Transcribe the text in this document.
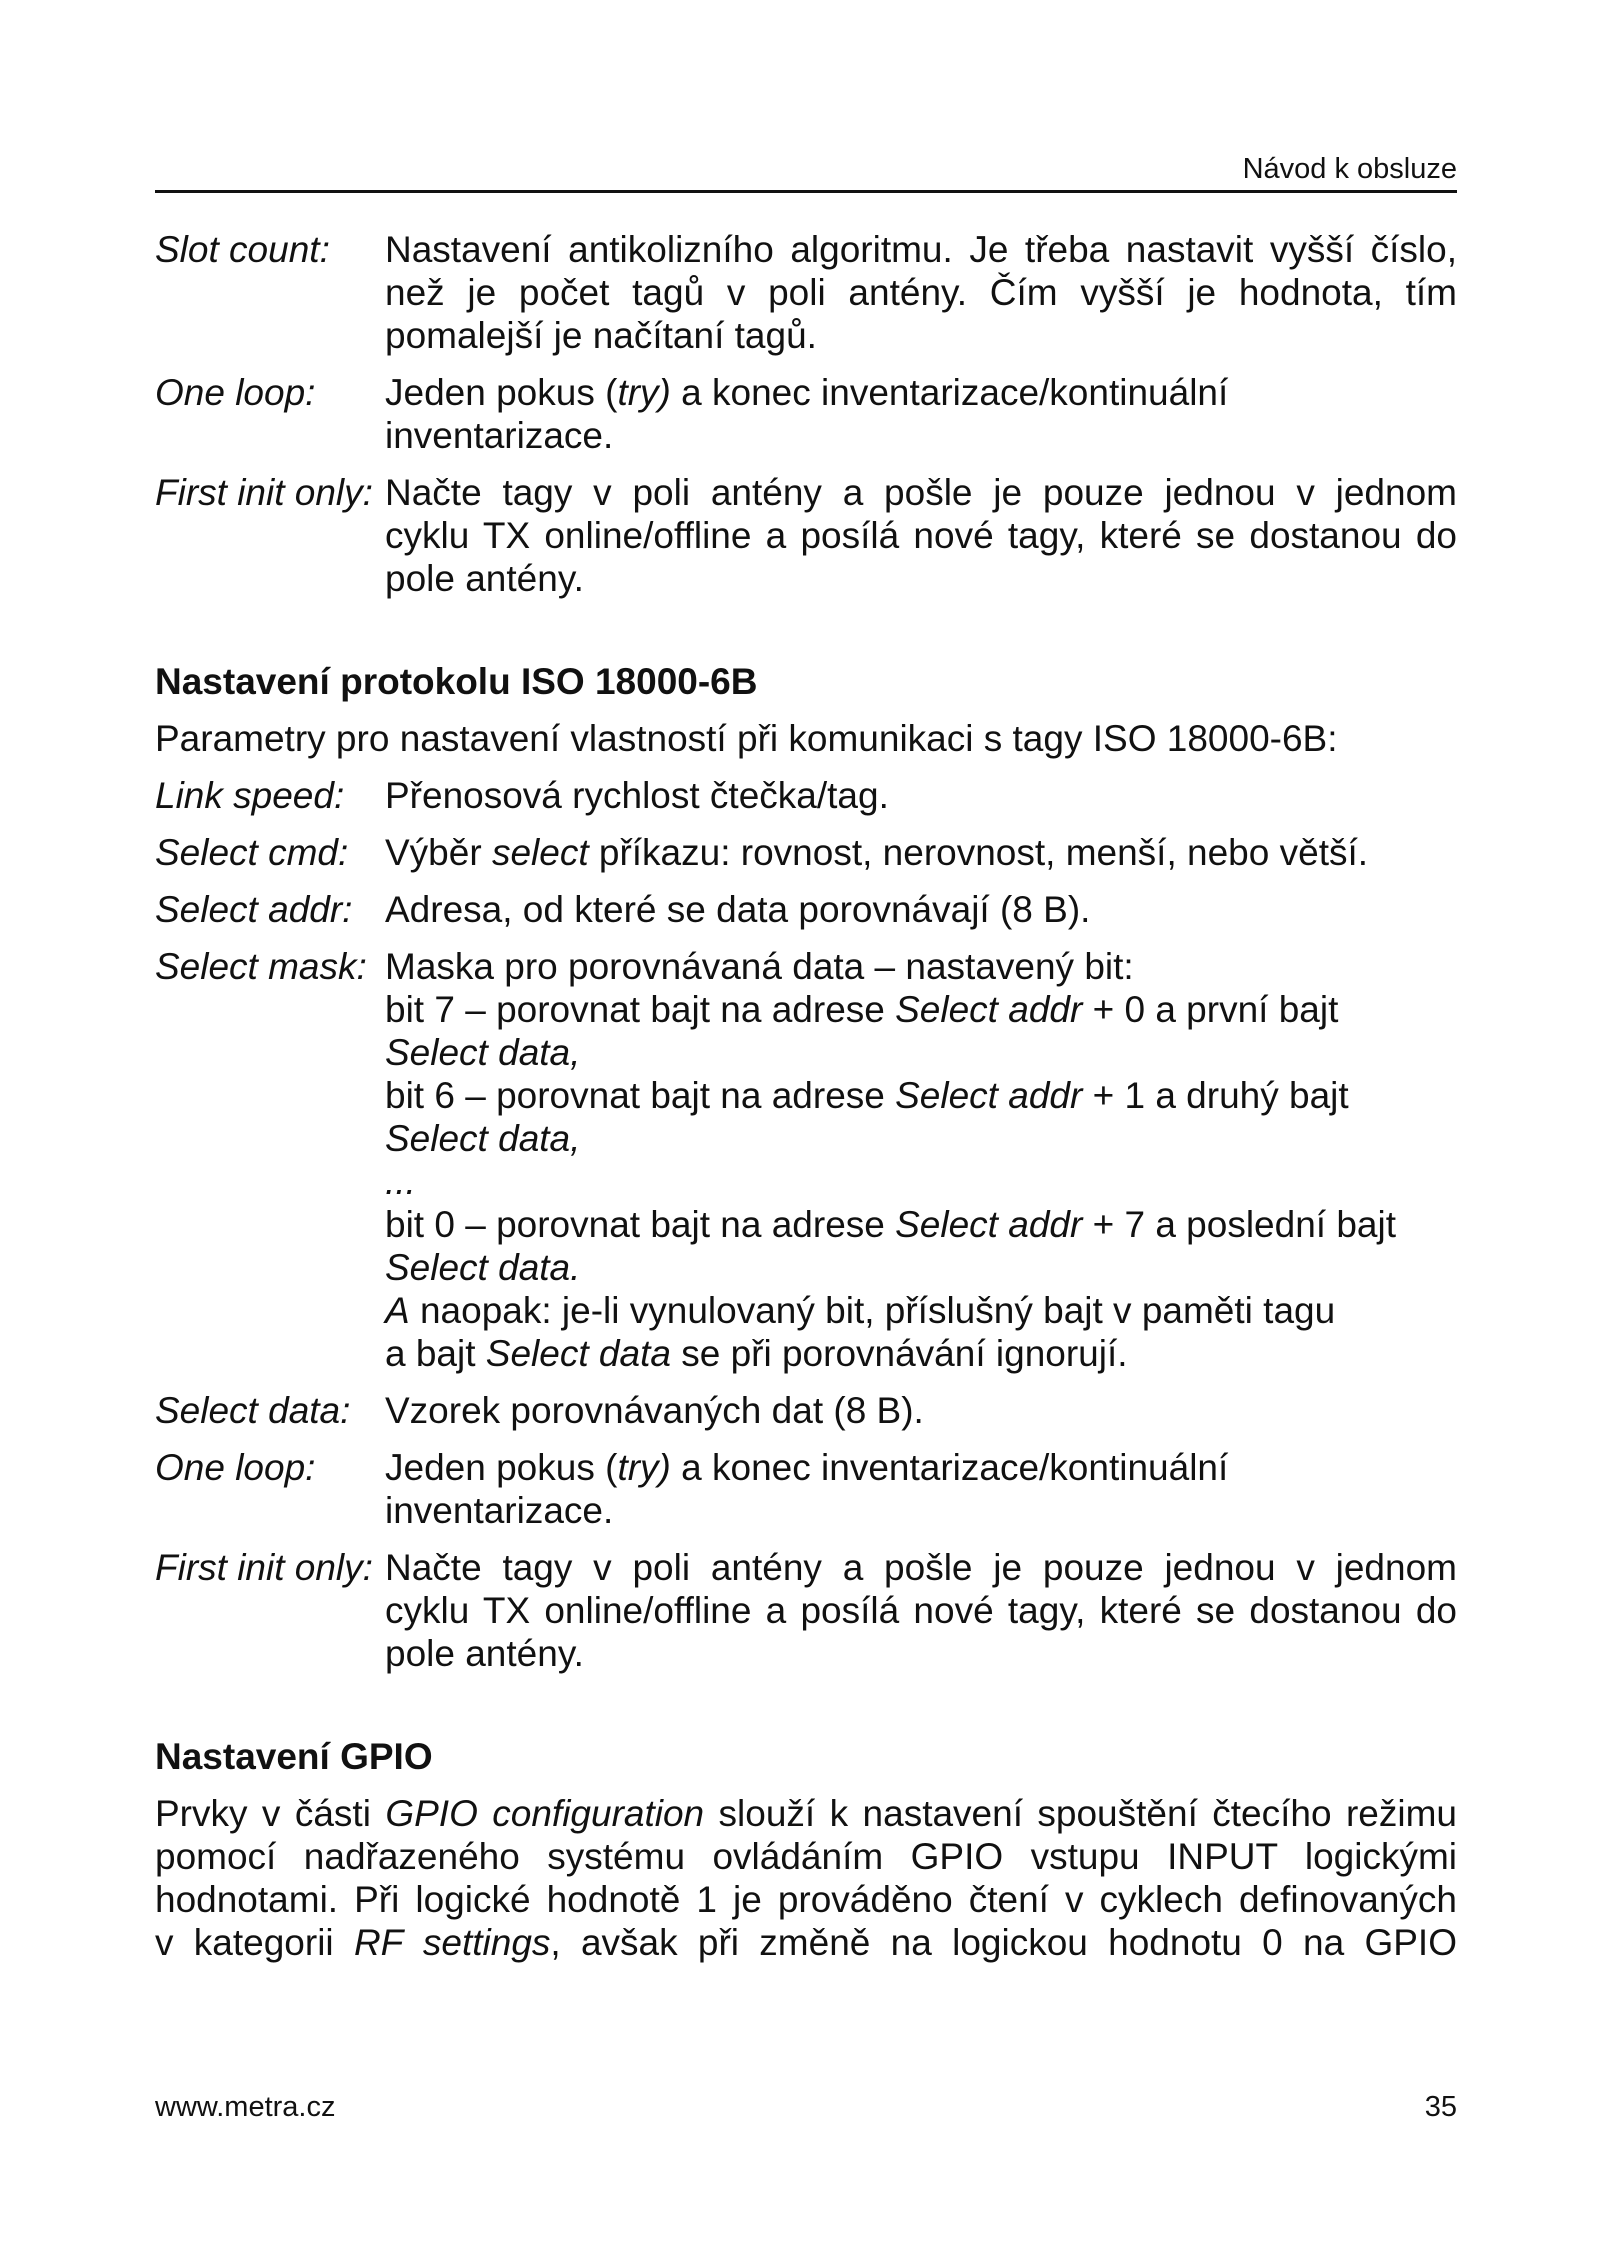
Návod k obsluze
Slot count:	Nastavení antikolizního algoritmu. Je třeba nastavit vyšší číslo,
než je počet tagů v poli antény. Čím vyšší je hodnota, tím
pomalejší je načítaní tagů.
One loop:	Jeden pokus (try) a konec inventarizace/kontinuální
inventarizace.
First init only: Načte tagy v poli antény a pošle je pouze jednou v jednom
cyklu TX online/offline a posílá nové tagy, které se dostanou do
pole antény.
Nastavení protokolu ISO 18000-6B
Parametry pro nastavení vlastností při komunikaci s tagy ISO 18000-6B:
Link speed:	Přenosová rychlost čtečka/tag.
Select cmd: Výběr select příkazu: rovnost, nerovnost, menší, nebo větší.
Select addr: Adresa, od které se data porovnávají (8 B).
Select mask: Maska pro porovnávaná data – nastavený bit:
bit 7 – porovnat bajt na adrese Select addr + 0 a první bajt
Select data,
bit 6 – porovnat bajt na adrese Select addr + 1 a druhý bajt
Select data,
...
bit 0 – porovnat bajt na adrese Select addr + 7 a poslední bajt
Select data.
A naopak: je-li vynulovaný bit, příslušný bajt v paměti tagu
a bajt Select data se při porovnávání ignorují.
Select data: Vzorek porovnávaných dat (8 B).
One loop:	Jeden pokus (try) a konec inventarizace/kontinuální
inventarizace.
First init only: Načte tagy v poli antény a pošle je pouze jednou v jednom
cyklu TX online/offline a posílá nové tagy, které se dostanou do
pole antény.
Nastavení GPIO
Prvky v části GPIO configuration slouží k nastavení spouštění čtecího režimu
pomocí nadřazeného systému ovládáním GPIO vstupu INPUT logickými
hodnotami. Při logické hodnotě 1 je prováděno čtení v cyklech definovaných
v kategorii RF settings, avšak při změně na logickou hodnotu 0 na GPIO
www.metra.cz	35
